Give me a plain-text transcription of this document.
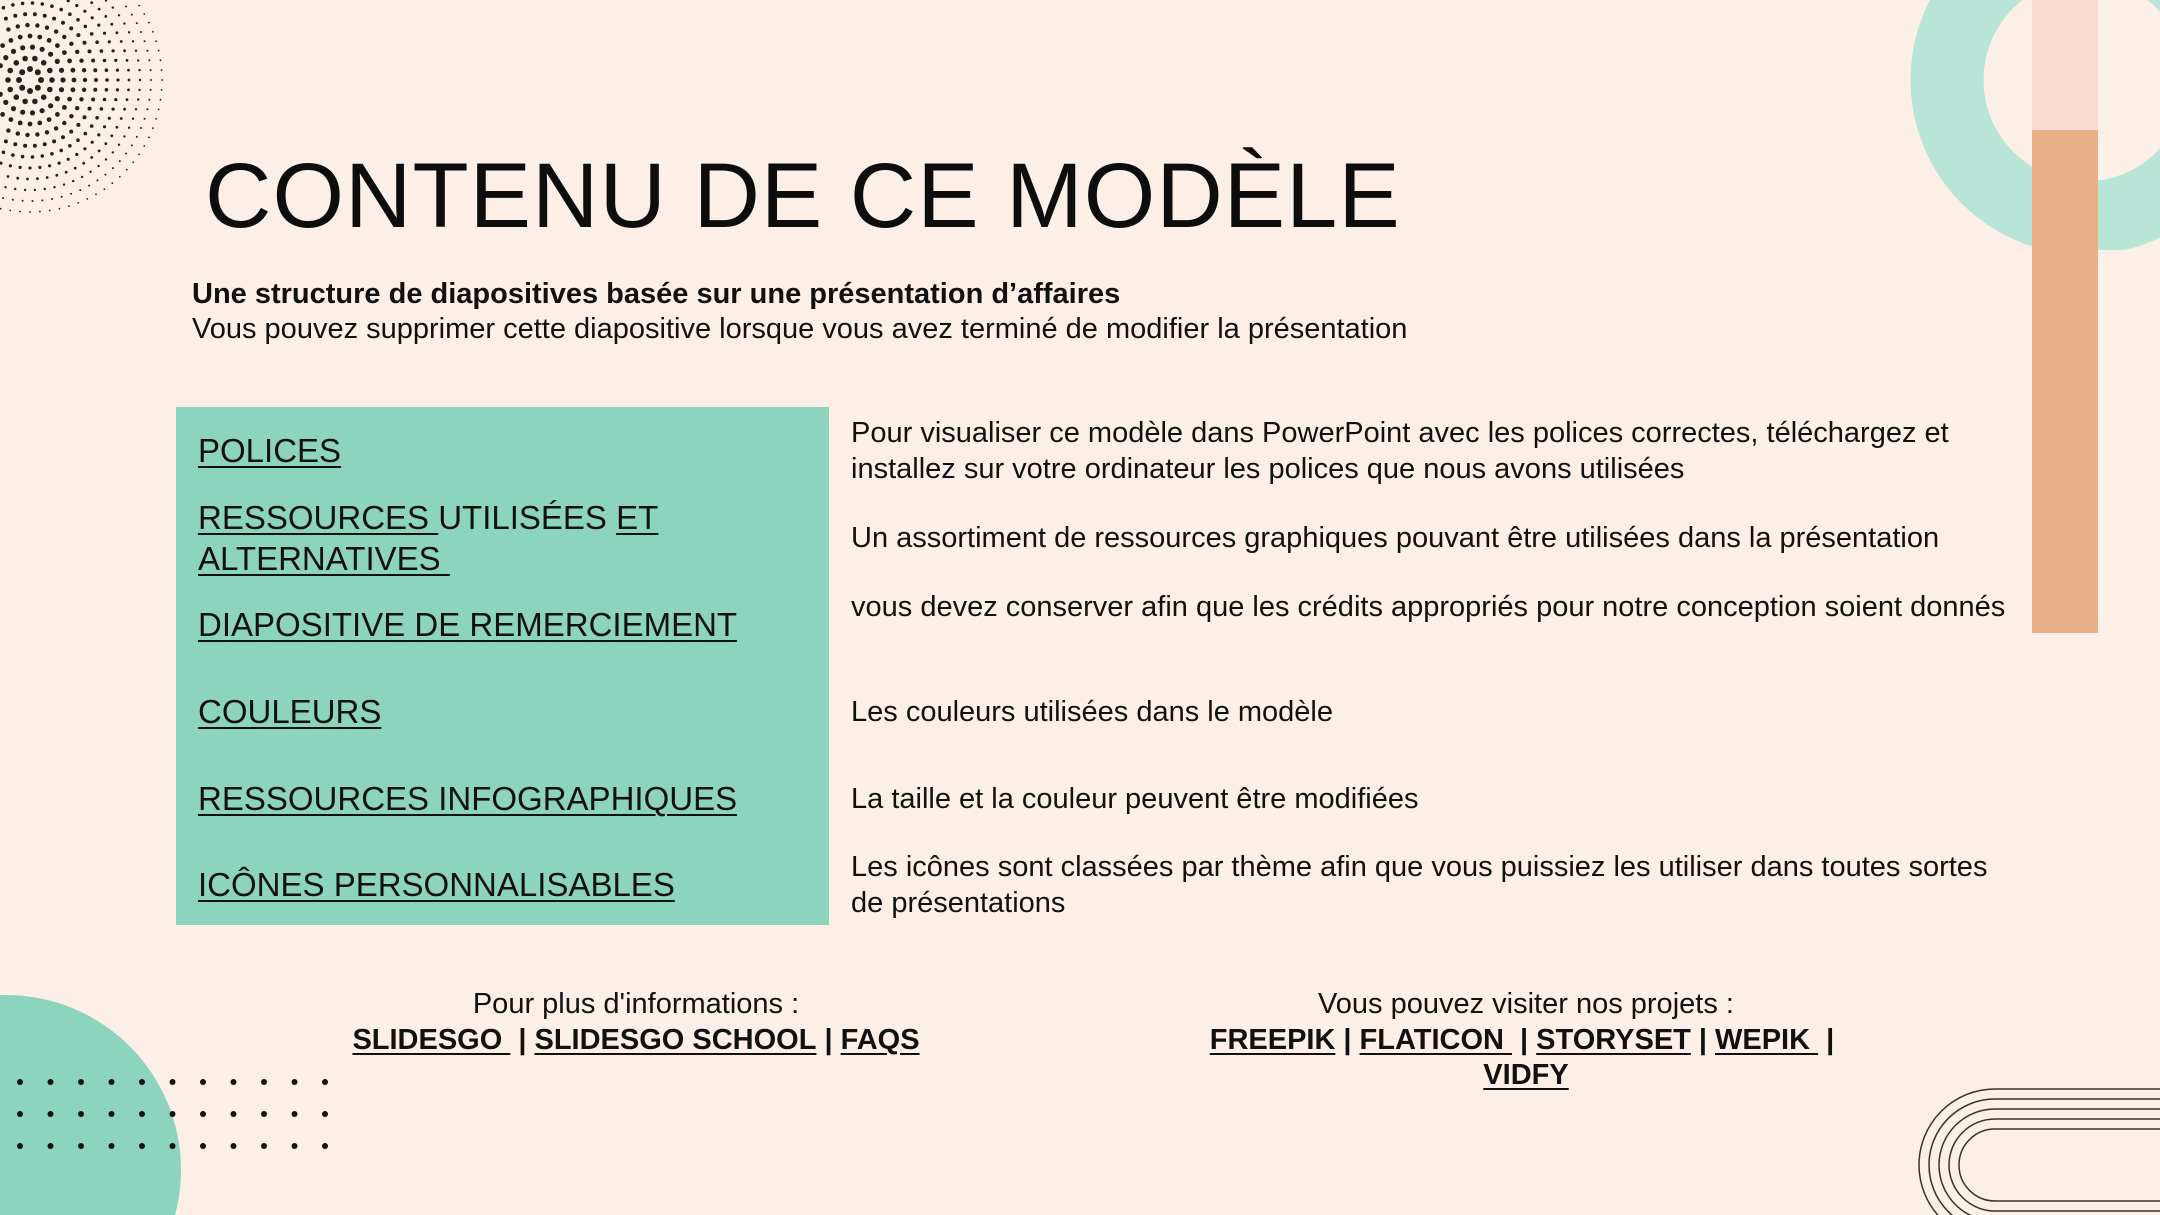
CONTENU DE CE MODÈLE
Une structure de diapositives basée sur une présentation d’affaires
Vous pouvez supprimer cette diapositive lorsque vous avez terminé de modifier la présentation
POLICES
RESSOURCES UTILISÉES ET
ALTERNATIVES
DIAPOSITIVE DE REMERCIEMENT
COULEURS
RESSOURCES INFOGRAPHIQUES
ICÔNES PERSONNALISABLES
Pour visualiser ce modèle dans PowerPoint avec les polices correctes, téléchargez et installez sur votre ordinateur les polices que nous avons utilisées
Un assortiment de ressources graphiques pouvant être utilisées dans la présentation
vous devez conserver afin que les crédits appropriés pour notre conception soient donnés
Les couleurs utilisées dans le modèle
La taille et la couleur peuvent être modifiées
Les icônes sont classées par thème afin que vous puissiez les utiliser dans toutes sortes de présentations
Pour plus d'informations :
SLIDESGO | SLIDESGO SCHOOL | FAQS
Vous pouvez visiter nos projets :
FREEPIK | FLATICON | STORYSET | WEPIK |
VIDFY
